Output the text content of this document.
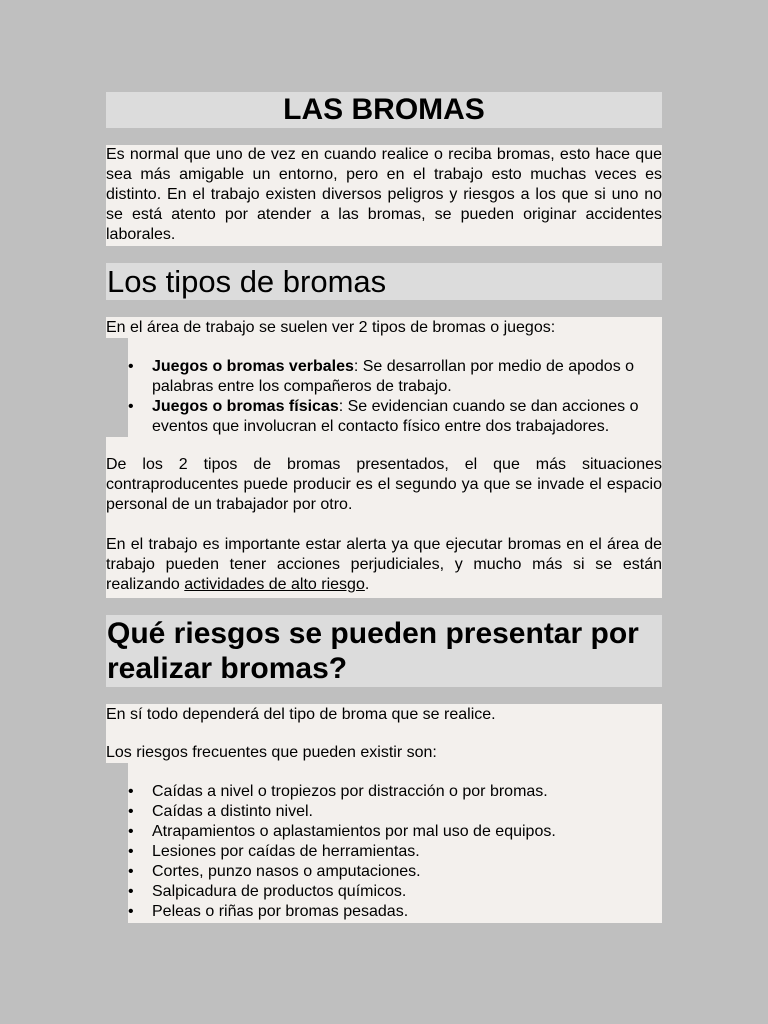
LAS BROMAS
Es normal que uno de vez en cuando realice o reciba bromas, esto hace que sea más amigable un entorno, pero en el trabajo esto muchas veces es distinto. En el trabajo existen diversos peligros y riesgos a los que si uno no se está atento por atender a las bromas, se pueden originar accidentes laborales.
Los tipos de bromas
En el área de trabajo se suelen ver 2 tipos de bromas o juegos:
• Juegos o bromas verbales: Se desarrollan por medio de apodos o palabras entre los compañeros de trabajo.
• Juegos o bromas físicas: Se evidencian cuando se dan acciones o eventos que involucran el contacto físico entre dos trabajadores.
De los 2 tipos de bromas presentados, el que más situaciones contraproducentes puede producir es el segundo ya que se invade el espacio personal de un trabajador por otro.
En el trabajo es importante estar alerta ya que ejecutar bromas en el área de trabajo pueden tener acciones perjudiciales, y mucho más si se están realizando actividades de alto riesgo.
Qué riesgos se pueden presentar por realizar bromas?
En sí todo dependerá del tipo de broma que se realice.
Los riesgos frecuentes que pueden existir son:
• Caídas a nivel o tropiezos por distracción o por bromas.
• Caídas a distinto nivel.
• Atrapamientos o aplastamientos por mal uso de equipos.
• Lesiones por caídas de herramientas.
• Cortes, punzo nasos o amputaciones.
• Salpicadura de productos químicos.
• Peleas o riñas por bromas pesadas.
